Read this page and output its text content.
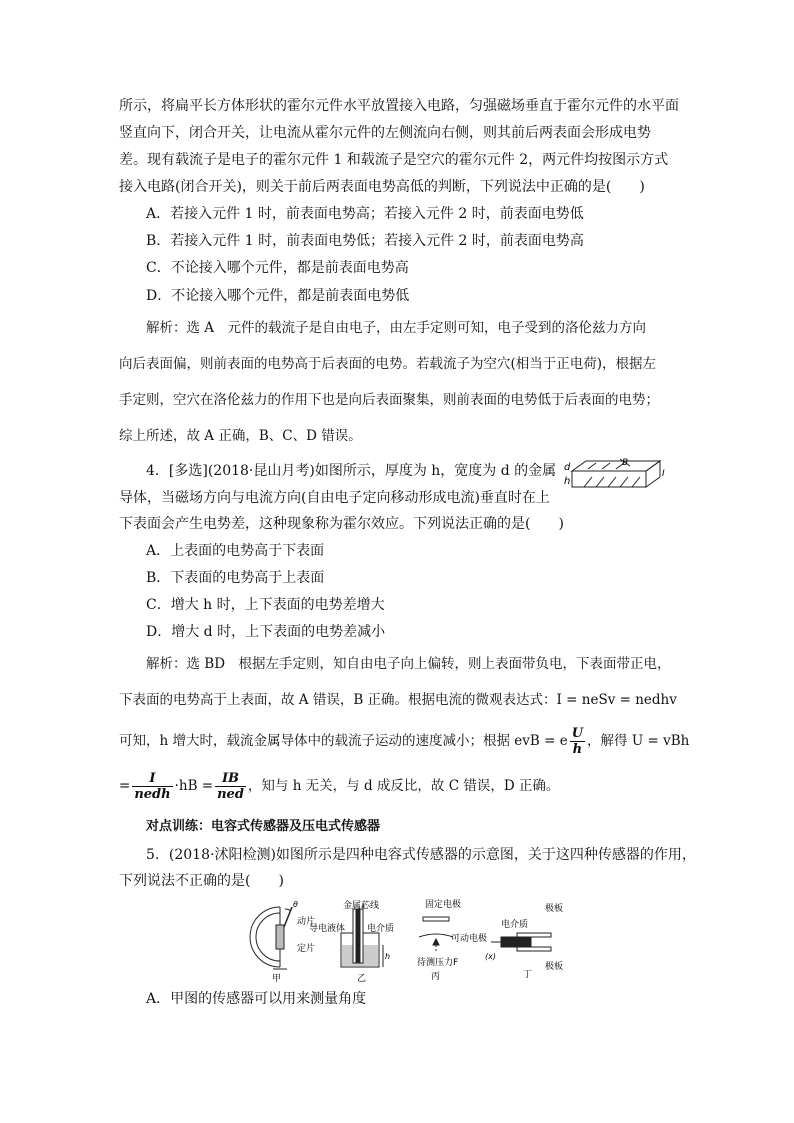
所示，将扁平长方体形状的霍尔元件水平放置接入电路，匀强磁场垂直于霍尔元件的水平面
竖直向下，闭合开关，让电流从霍尔元件的左侧流向右侧，则其前后两表面会形成电势
差。现有载流子是电子的霍尔元件 1 和载流子是空穴的霍尔元件 2，两元件均按图示方式
接入电路(闭合开关)，则关于前后两表面电势高低的判断，下列说法中正确的是(　　)
A．若接入元件 1 时，前表面电势高；若接入元件 2 时，前表面电势低
B．若接入元件 1 时，前表面电势低；若接入元件 2 时，前表面电势高
C．不论接入哪个元件，都是前表面电势高
D．不论接入哪个元件，都是前表面电势低
解析：选 A　元件的载流子是自由电子，由左手定则可知，电子受到的洛伦兹力方向
向后表面偏，则前表面的电势高于后表面的电势。若载流子为空穴(相当于正电荷)，根据左
手定则，空穴在洛伦兹力的作用下也是向后表面聚集，则前表面的电势低于后表面的电势；
综上所述，故 A 正确，B、C、D 错误。
4．[多选](2018·昆山月考)如图所示，厚度为 h，宽度为 d 的金属
导体，当磁场方向与电流方向(自由电子定向移动形成电流)垂直时在上
下表面会产生电势差，这种现象称为霍尔效应。下列说法正确的是(　　)
d
h
B
I
A．上表面的电势高于下表面
B．下表面的电势高于上表面
C．增大 h 时，上下表面的电势差增大
D．增大 d 时，上下表面的电势差减小
解析：选 BD　根据左手定则，知自由电子向上偏转，则上表面带负电，下表面带正电，
下表面的电势高于上表面，故 A 错误，B 正确。根据电流的微观表达式：I = neSv = nedhv
可知，h 增大时，载流金属导体中的载流子运动的速度减小；根据 evB = e $\frac{U}{h}$ ，解得 U = vBh
= $\frac{I}{\text{nedh}} \cdot hB = \frac{IB}{\text{ned}}$ ，知与 h 无关，与 d 成反比，故 C 错误，D 正确。
对点训练：电容式传感器及压电式传感器
5．(2018·沭阳检测)如图所示是四种电容式传感器的示意图，关于这四种传感器的作用，
下列说法不正确的是(　　)
θ
动片
定片
甲
金属芯线
导电液体 电介质
h
乙
固定电极
可动电极
待测压力F
丙
电介质
极板
极板
(x)
丁
A．甲图的传感器可以用来测量角度
